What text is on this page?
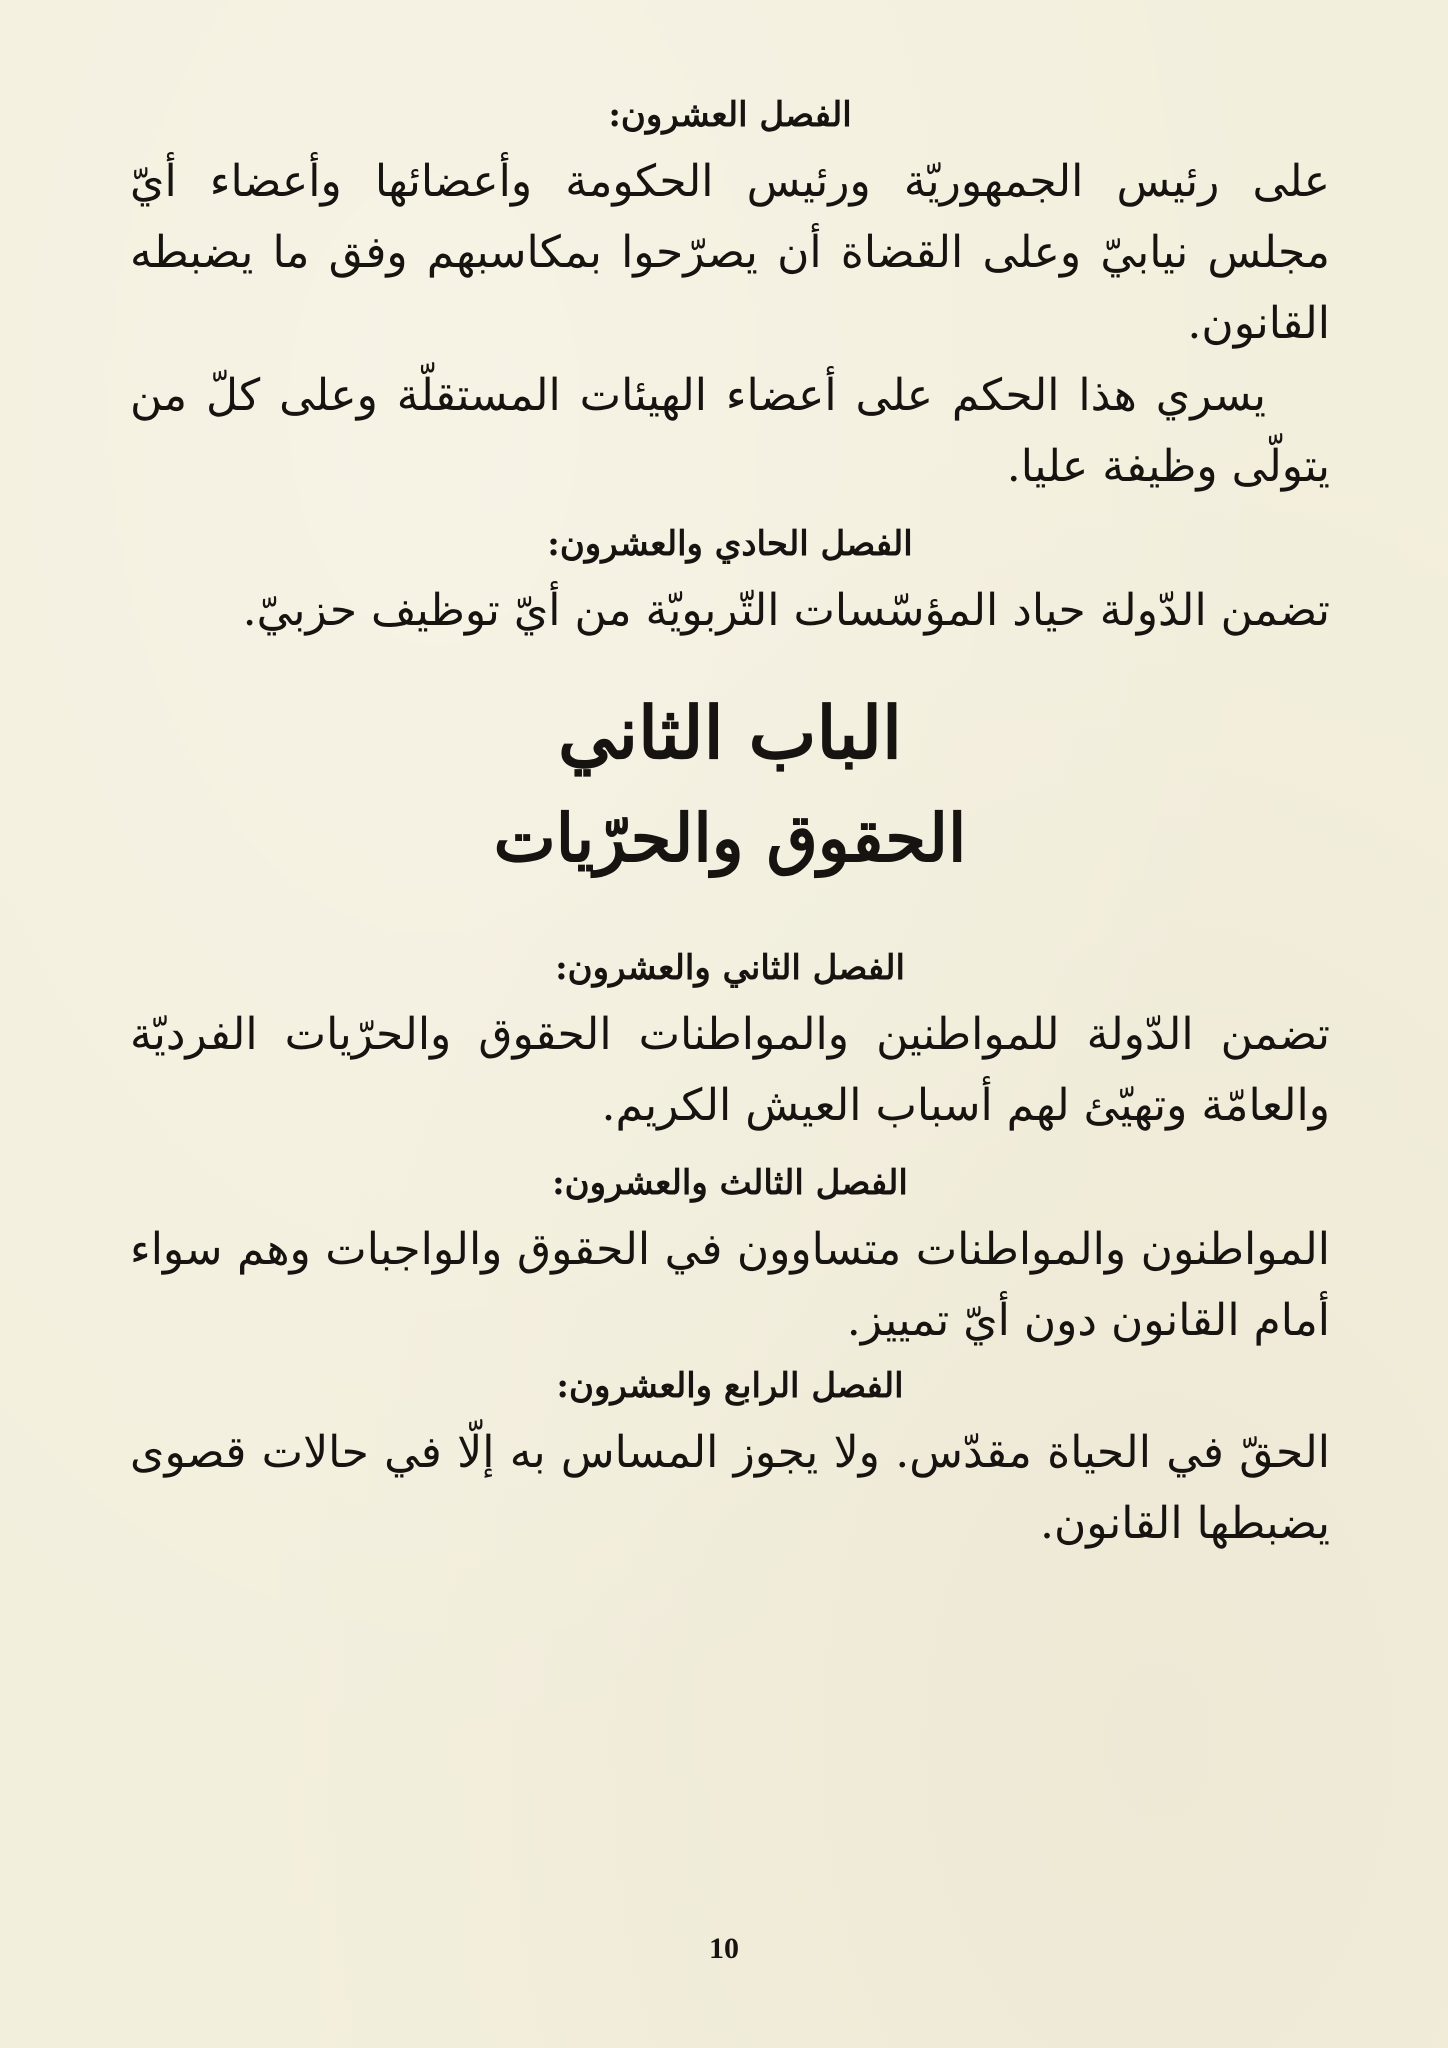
الفصل العشرون:

على رئيس الجمهوريّة ورئيس الحكومة وأعضائها وأعضاء أيّ مجلس نيابيّ وعلى القضاة أن يصرّحوا بمكاسبهم وفق ما يضبطه القانون.

يسري هذا الحكم على أعضاء الهيئات المستقلّة وعلى كلّ من يتولّى وظيفة عليا.

الفصل الحادي والعشرون:

تضمن الدّولة حياد المؤسّسات التّربويّة من أيّ توظيف حزبيّ.

الباب الثاني
الحقوق والحرّيات
الفصل الثاني والعشرون:

تضمن الدّولة للمواطنين والمواطنات الحقوق والحرّيات الفرديّة والعامّة وتهيّئ لهم أسباب العيش الكريم.

الفصل الثالث والعشرون:

المواطنون والمواطنات متساوون في الحقوق والواجبات وهم سواء أمام القانون دون أيّ تمييز.

الفصل الرابع والعشرون:

الحقّ في الحياة مقدّس. ولا يجوز المساس به إلّا في حالات قصوى يضبطها القانون.

10
